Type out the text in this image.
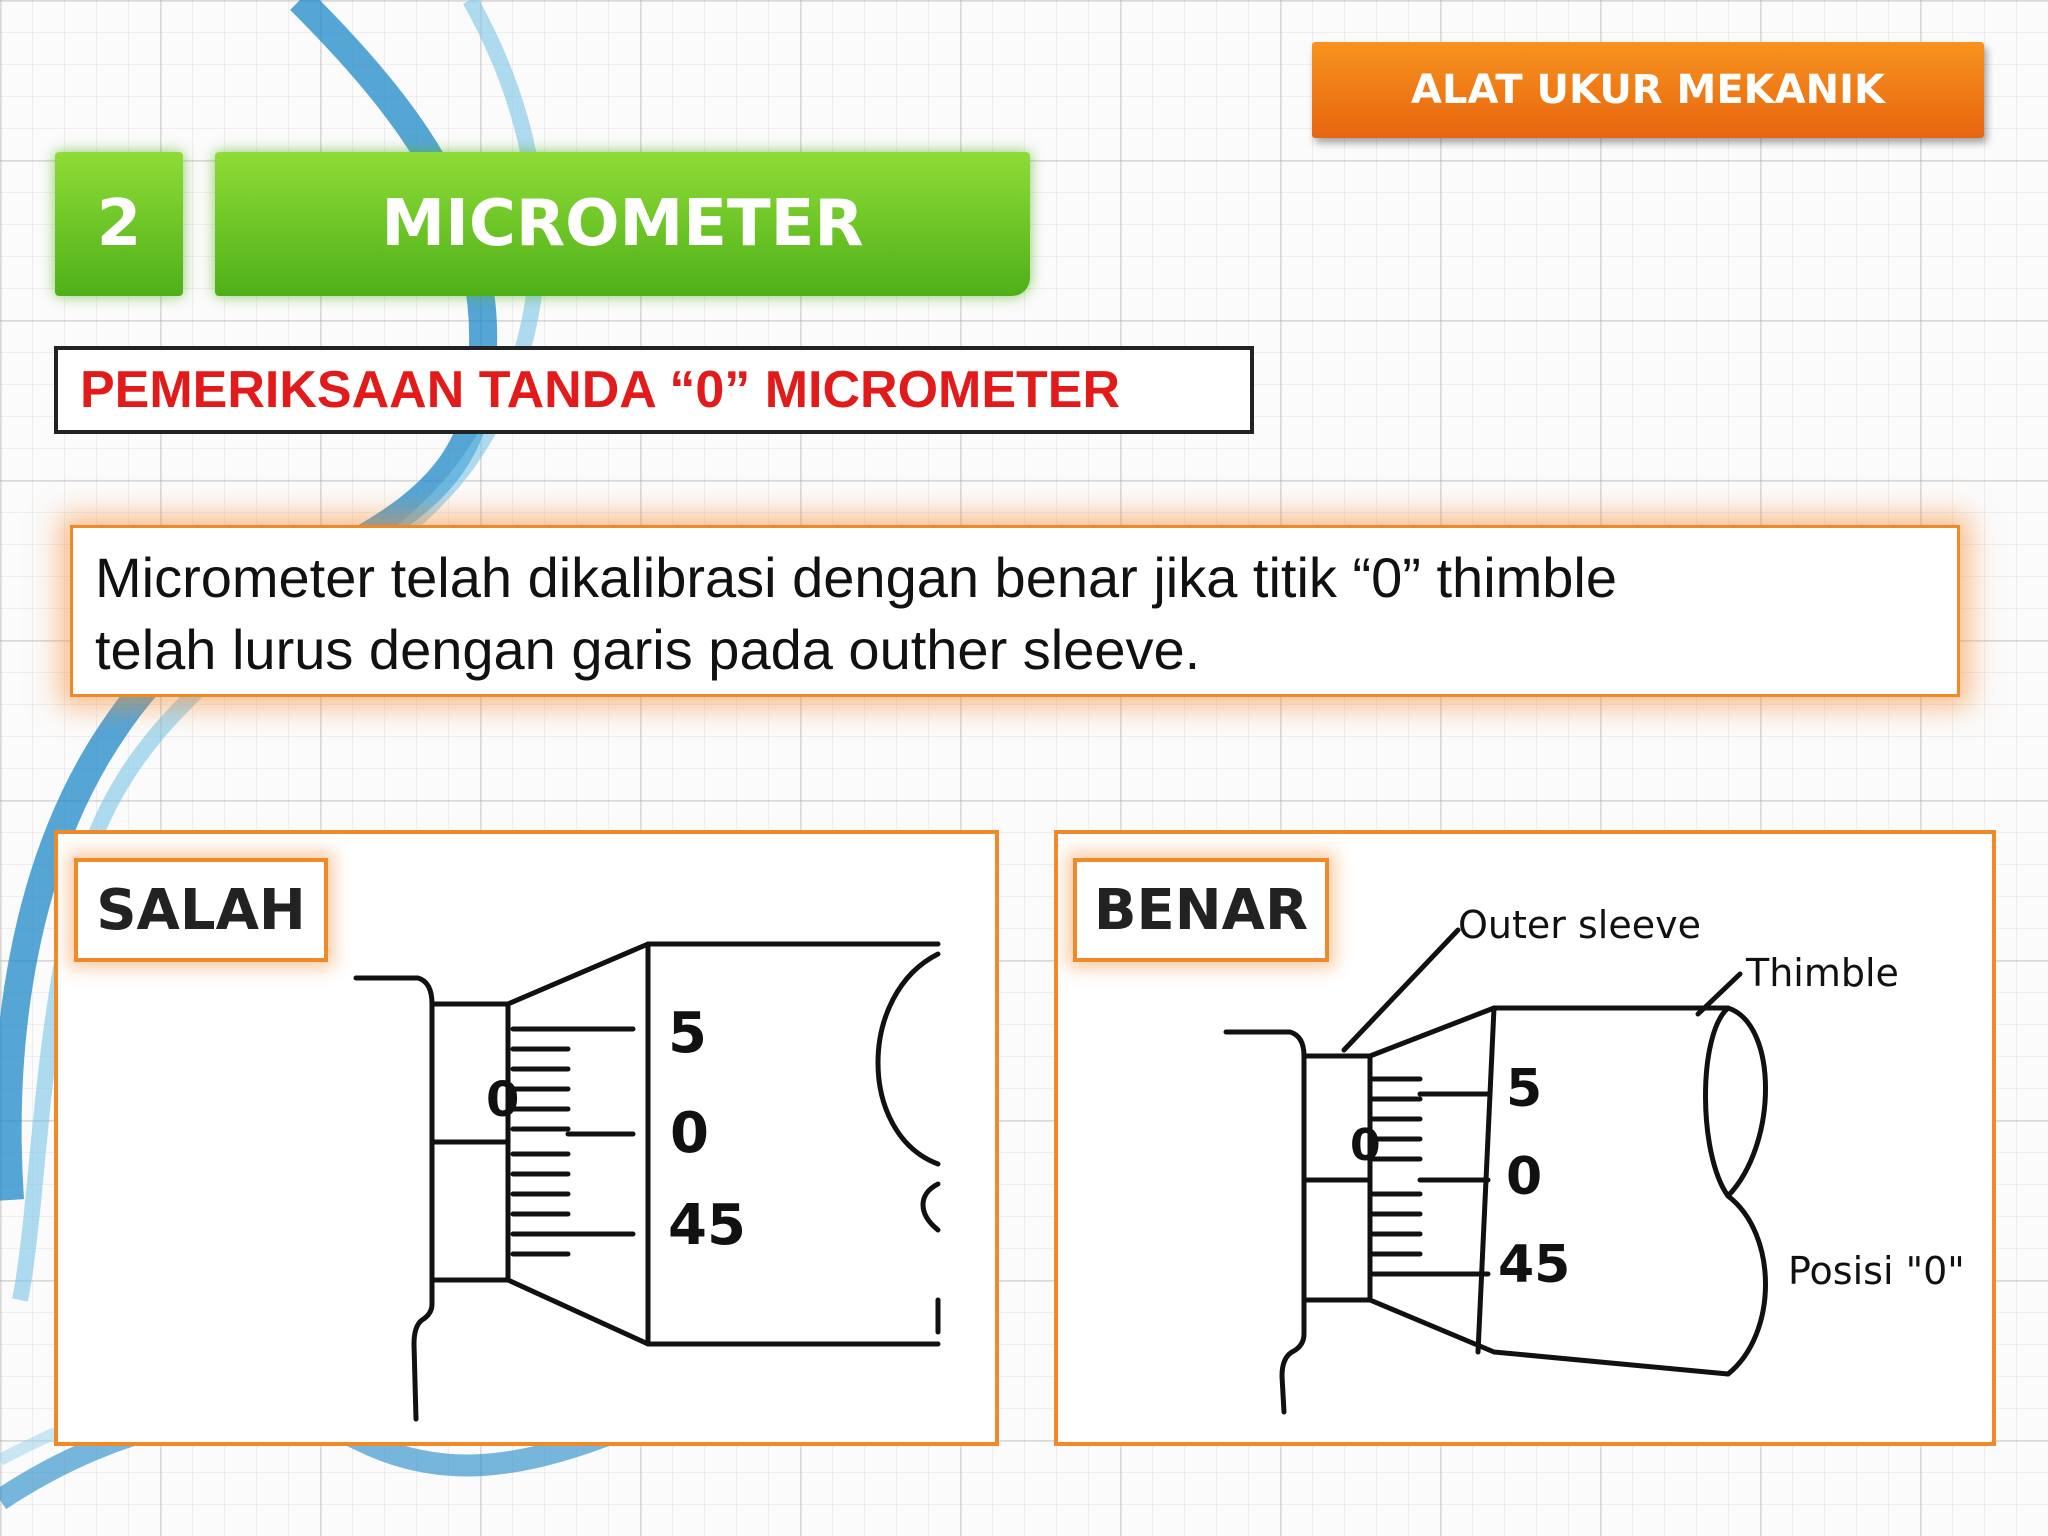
ALAT UKUR MEKANIK
2	MICROMETER
PEMERIKSAAN TANDA “0” MICROMETER
Micrometer telah dikalibrasi dengan benar jika titik “0” thimble
telah lurus dengan garis pada outher sleeve.
0
5
0
45
Outer sleeve
Thimble
0
5
0
45	Posisi "0"
SALAH	BENAR
